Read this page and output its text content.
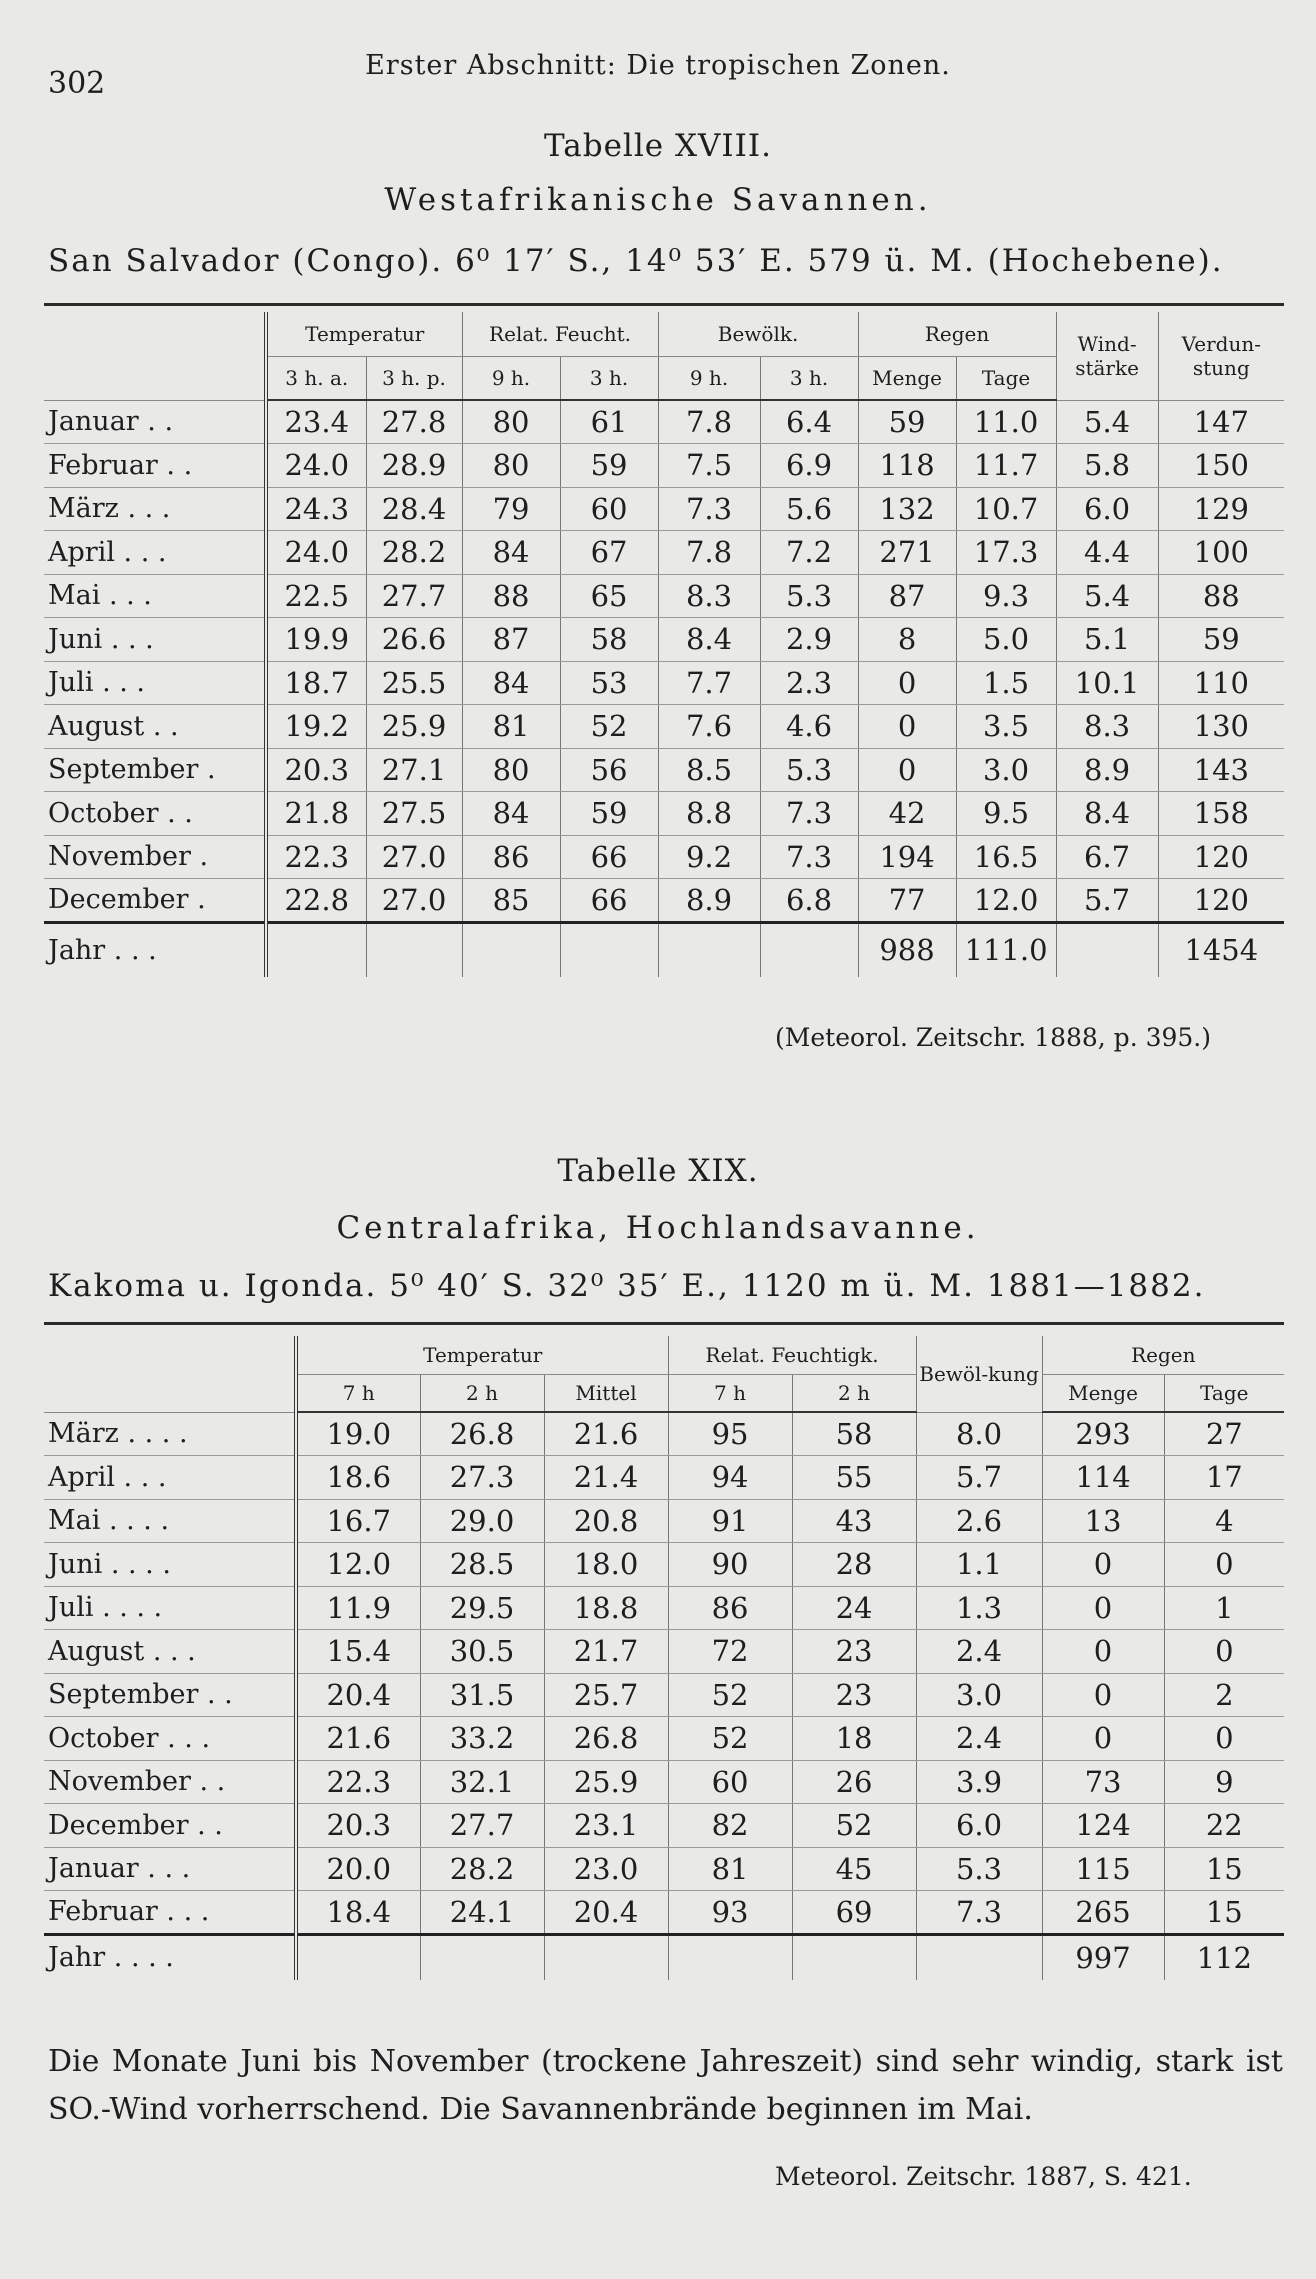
302
Erster Abschnitt: Die tropischen Zonen.
Tabelle XVIII.
Westafrikanische Savannen.
San Salvador (Congo). 6⁰ 17′ S., 14⁰ 53′ E. 579 ü. M. (Hochebene).
	Temperatur		Relat. Feucht.		Bewölk.		Regen		Wind-stärke	Verdun-stung
	3 h. a.	3 h. p.	9 h.	3 h.	9 h.	3 h.	Menge	Tage		
Januar . .	23.4	27.8	80	61	7.8	6.4	59	11.0	5.4	147
Februar . .	24.0	28.9	80	59	7.5	6.9	118	11.7	5.8	150
März . . .	24.3	28.4	79	60	7.3	5.6	132	10.7	6.0	129
April . . .	24.0	28.2	84	67	7.8	7.2	271	17.3	4.4	100
Mai . . .	22.5	27.7	88	65	8.3	5.3	87	9.3	5.4	88
Juni . . .	19.9	26.6	87	58	8.4	2.9	8	5.0	5.1	59
Juli . . .	18.7	25.5	84	53	7.7	2.3	0	1.5	10.1	110
August . .	19.2	25.9	81	52	7.6	4.6	0	3.5	8.3	130
September .	20.3	27.1	80	56	8.5	5.3	0	3.0	8.9	143
October . .	21.8	27.5	84	59	8.8	7.3	42	9.5	8.4	158
November .	22.3	27.0	86	66	9.2	7.3	194	16.5	6.7	120
December .	22.8	27.0	85	66	8.9	6.8	77	12.0	5.7	120
Jahr . . .							988	111.0		1454
(Meteorol. Zeitschr. 1888, p. 395.)
Tabelle XIX.
Centralafrika, Hochlandsavanne.
Kakoma u. Igonda. 5⁰ 40′ S. 32⁰ 35′ E., 1120 m ü. M. 1881—1882.
	Temperatur			Relat. Feuchtigk.		Bewöl-kung	Regen	
	7 h	2 h	Mittel	7 h	2 h		Menge	Tage
März . . . .	19.0	26.8	21.6	95	58	8.0	293	27
April . . .	18.6	27.3	21.4	94	55	5.7	114	17
Mai . . . .	16.7	29.0	20.8	91	43	2.6	13	4
Juni . . . .	12.0	28.5	18.0	90	28	1.1	0	0
Juli . . . .	11.9	29.5	18.8	86	24	1.3	0	1
August . . .	15.4	30.5	21.7	72	23	2.4	0	0
September . .	20.4	31.5	25.7	52	23	3.0	0	2
October . . .	21.6	33.2	26.8	52	18	2.4	0	0
November . .	22.3	32.1	25.9	60	26	3.9	73	9
December . .	20.3	27.7	23.1	82	52	6.0	124	22
Januar . . .	20.0	28.2	23.0	81	45	5.3	115	15
Februar . . .	18.4	24.1	20.4	93	69	7.3	265	15
Jahr . . . .							997	112
Die Monate Juni bis November (trockene Jahreszeit) sind sehr windig, stark ist SO.-Wind vorherrschend. Die Savannenbrände beginnen im Mai.
Meteorol. Zeitschr. 1887, S. 421.
